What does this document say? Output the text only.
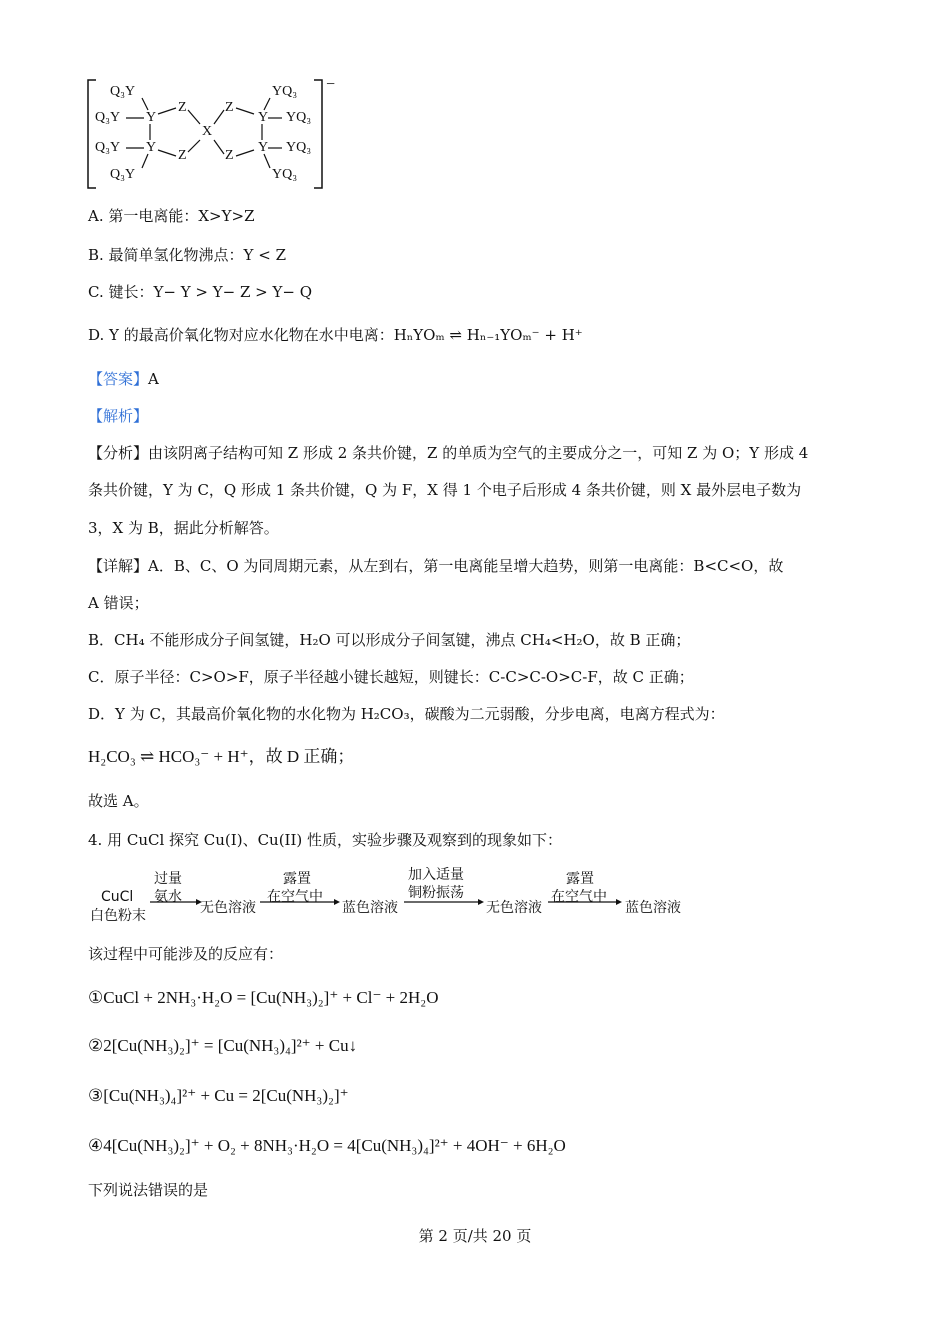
−
Q₃Y
Q₃Y Y
Q₃Y Y
Q₃Y
Z
Z
X
Z
Z
YQ₃
Y YQ₃
Y YQ₃
YQ₃
A. 第一电离能：X>Y>Z
B. 最简单氢化物沸点：Y < Z
C. 键长：Y− Y > Y− Z > Y− Q
D. Y 的最高价氧化物对应水化物在水中电离：HₙYOₘ ⇌ Hₙ₋₁YOₘ⁻ + H⁺
【答案】A
【解析】
【分析】由该阴离子结构可知 Z 形成 2 条共价键，Z 的单质为空气的主要成分之一，可知 Z 为 O；Y 形成 4
条共价键，Y 为 C，Q 形成 1 条共价键，Q 为 F，X 得 1 个电子后形成 4 条共价键，则 X 最外层电子数为
3，X 为 B，据此分析解答。
【详解】A．B、C、O 为同周期元素，从左到右，第一电离能呈增大趋势，则第一电离能：B<C<O，故
A 错误；
B．CH₄ 不能形成分子间氢键，H₂O 可以形成分子间氢键，沸点 CH₄<H₂O，故 B 正确；
C．原子半径：C>O>F，原子半径越小键长越短，则键长：C-C>C-O>C-F，故 C 正确；
D．Y 为 C，其最高价氧化物的水化物为 H₂CO₃，碳酸为二元弱酸，分步电离，电离方程式为：
H₂CO₃ ⇌ HCO₃⁻ + H⁺，故 D 正确；
故选 A。
4. 用 CuCl 探究 Cu(I)、Cu(II) 性质，实验步骤及观察到的现象如下：
CuCl
白色粉末
过量
氨水
无色溶液
露置
在空气中
蓝色溶液
加入适量
铜粉振荡
无色溶液
露置
在空气中
蓝色溶液
该过程中可能涉及的反应有：
①CuCl + 2NH₃·H₂O = [Cu(NH₃)₂]⁺ + Cl⁻ + 2H₂O
②2[Cu(NH₃)₂]⁺ = [Cu(NH₃)₄]²⁺ + Cu↓
③[Cu(NH₃)₄]²⁺ + Cu = 2[Cu(NH₃)₂]⁺
④4[Cu(NH₃)₂]⁺ + O₂ + 8NH₃·H₂O = 4[Cu(NH₃)₄]²⁺ + 4OH⁻ + 6H₂O
下列说法错误的是
第 2 页/共 20 页
